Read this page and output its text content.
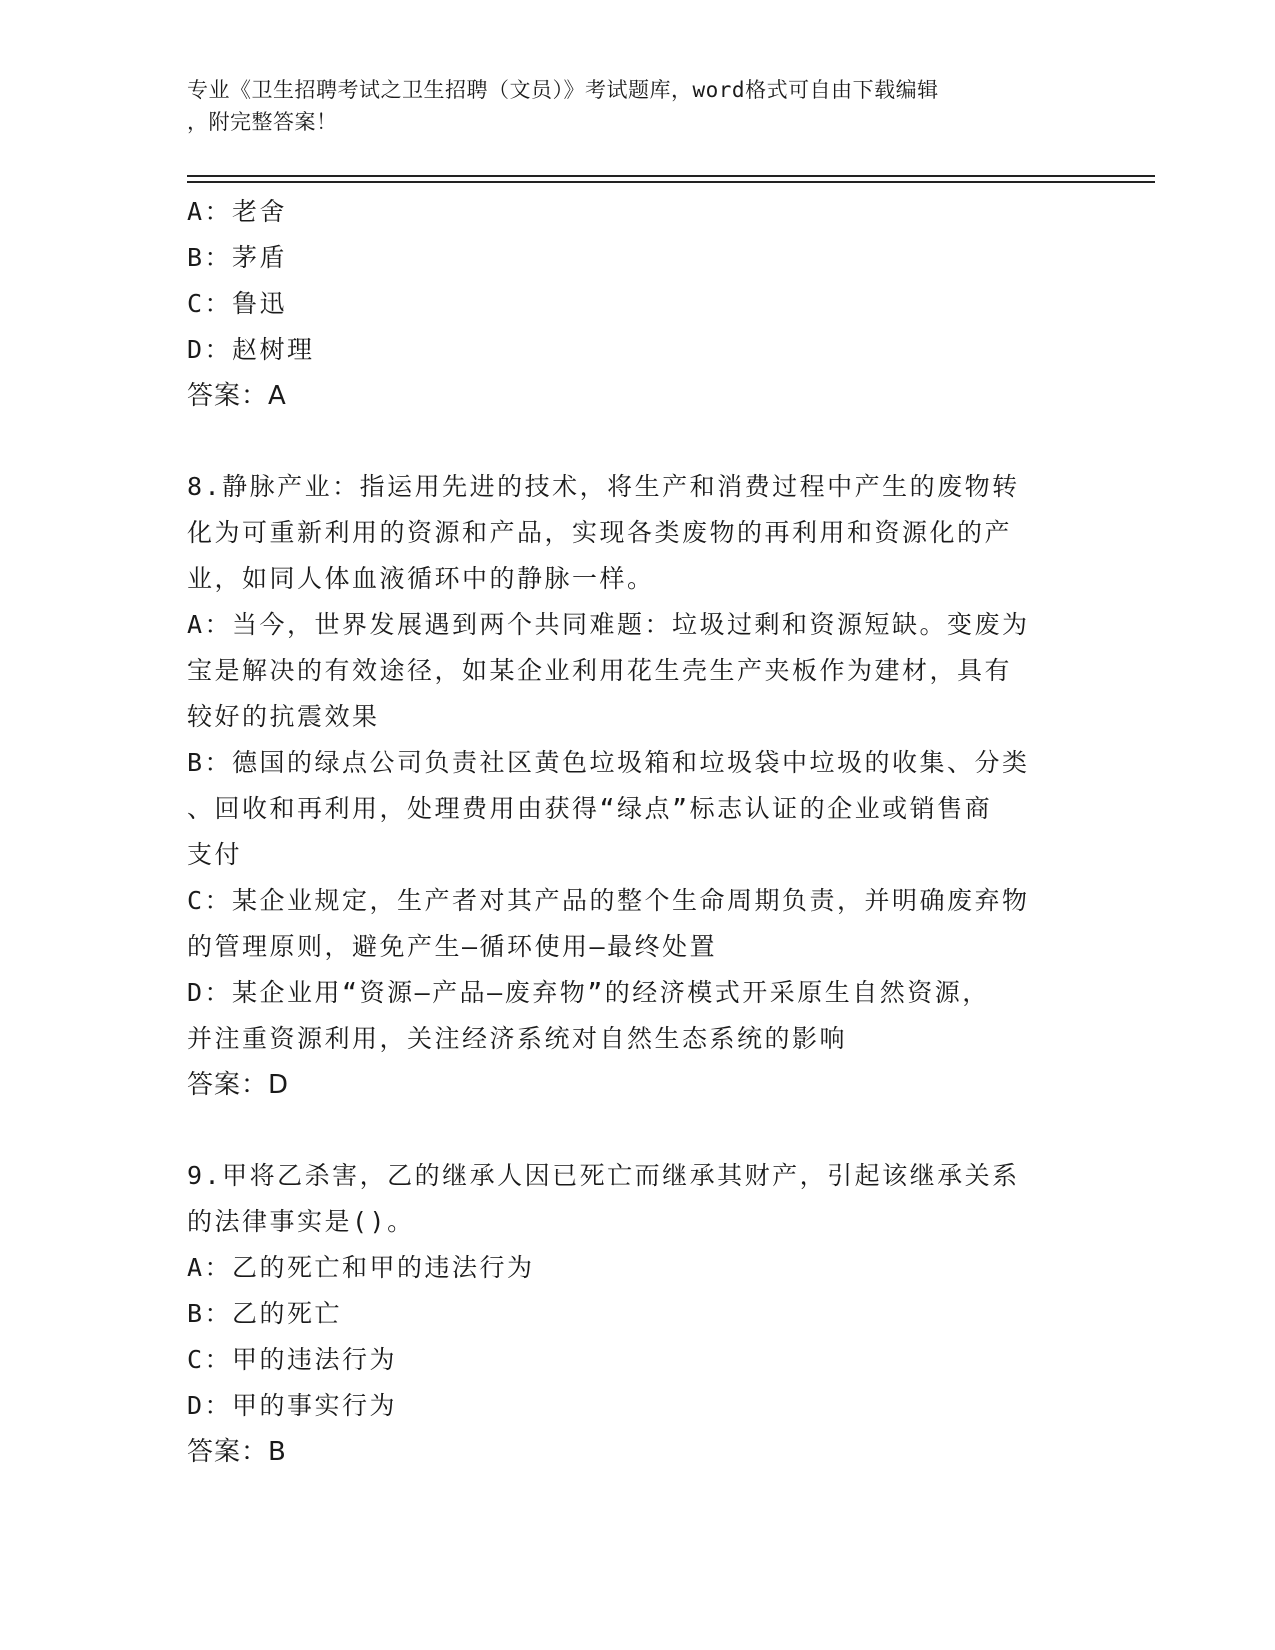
专业《卫生招聘考试之卫生招聘（文员）》考试题库，word格式可自由下载编辑
，附完整答案！
A：老舍
B：茅盾
C：鲁迅
D：赵树理
答案：A
8.静脉产业：指运用先进的技术，将生产和消费过程中产生的废物转
化为可重新利用的资源和产品，实现各类废物的再利用和资源化的产
业，如同人体血液循环中的静脉一样。
A：当今，世界发展遇到两个共同难题：垃圾过剩和资源短缺。变废为
宝是解决的有效途径，如某企业利用花生壳生产夹板作为建材，具有
较好的抗震效果
B：德国的绿点公司负责社区黄色垃圾箱和垃圾袋中垃圾的收集、分类
、回收和再利用，处理费用由获得“绿点”标志认证的企业或销售商
支付
C：某企业规定，生产者对其产品的整个生命周期负责，并明确废弃物
的管理原则，避免产生—循环使用—最终处置
D：某企业用“资源—产品—废弃物”的经济模式开采原生自然资源，
并注重资源利用，关注经济系统对自然生态系统的影响
答案：D
9.甲将乙杀害，乙的继承人因已死亡而继承其财产，引起该继承关系
的法律事实是()。
A：乙的死亡和甲的违法行为
B：乙的死亡
C：甲的违法行为
D：甲的事实行为
答案：B
